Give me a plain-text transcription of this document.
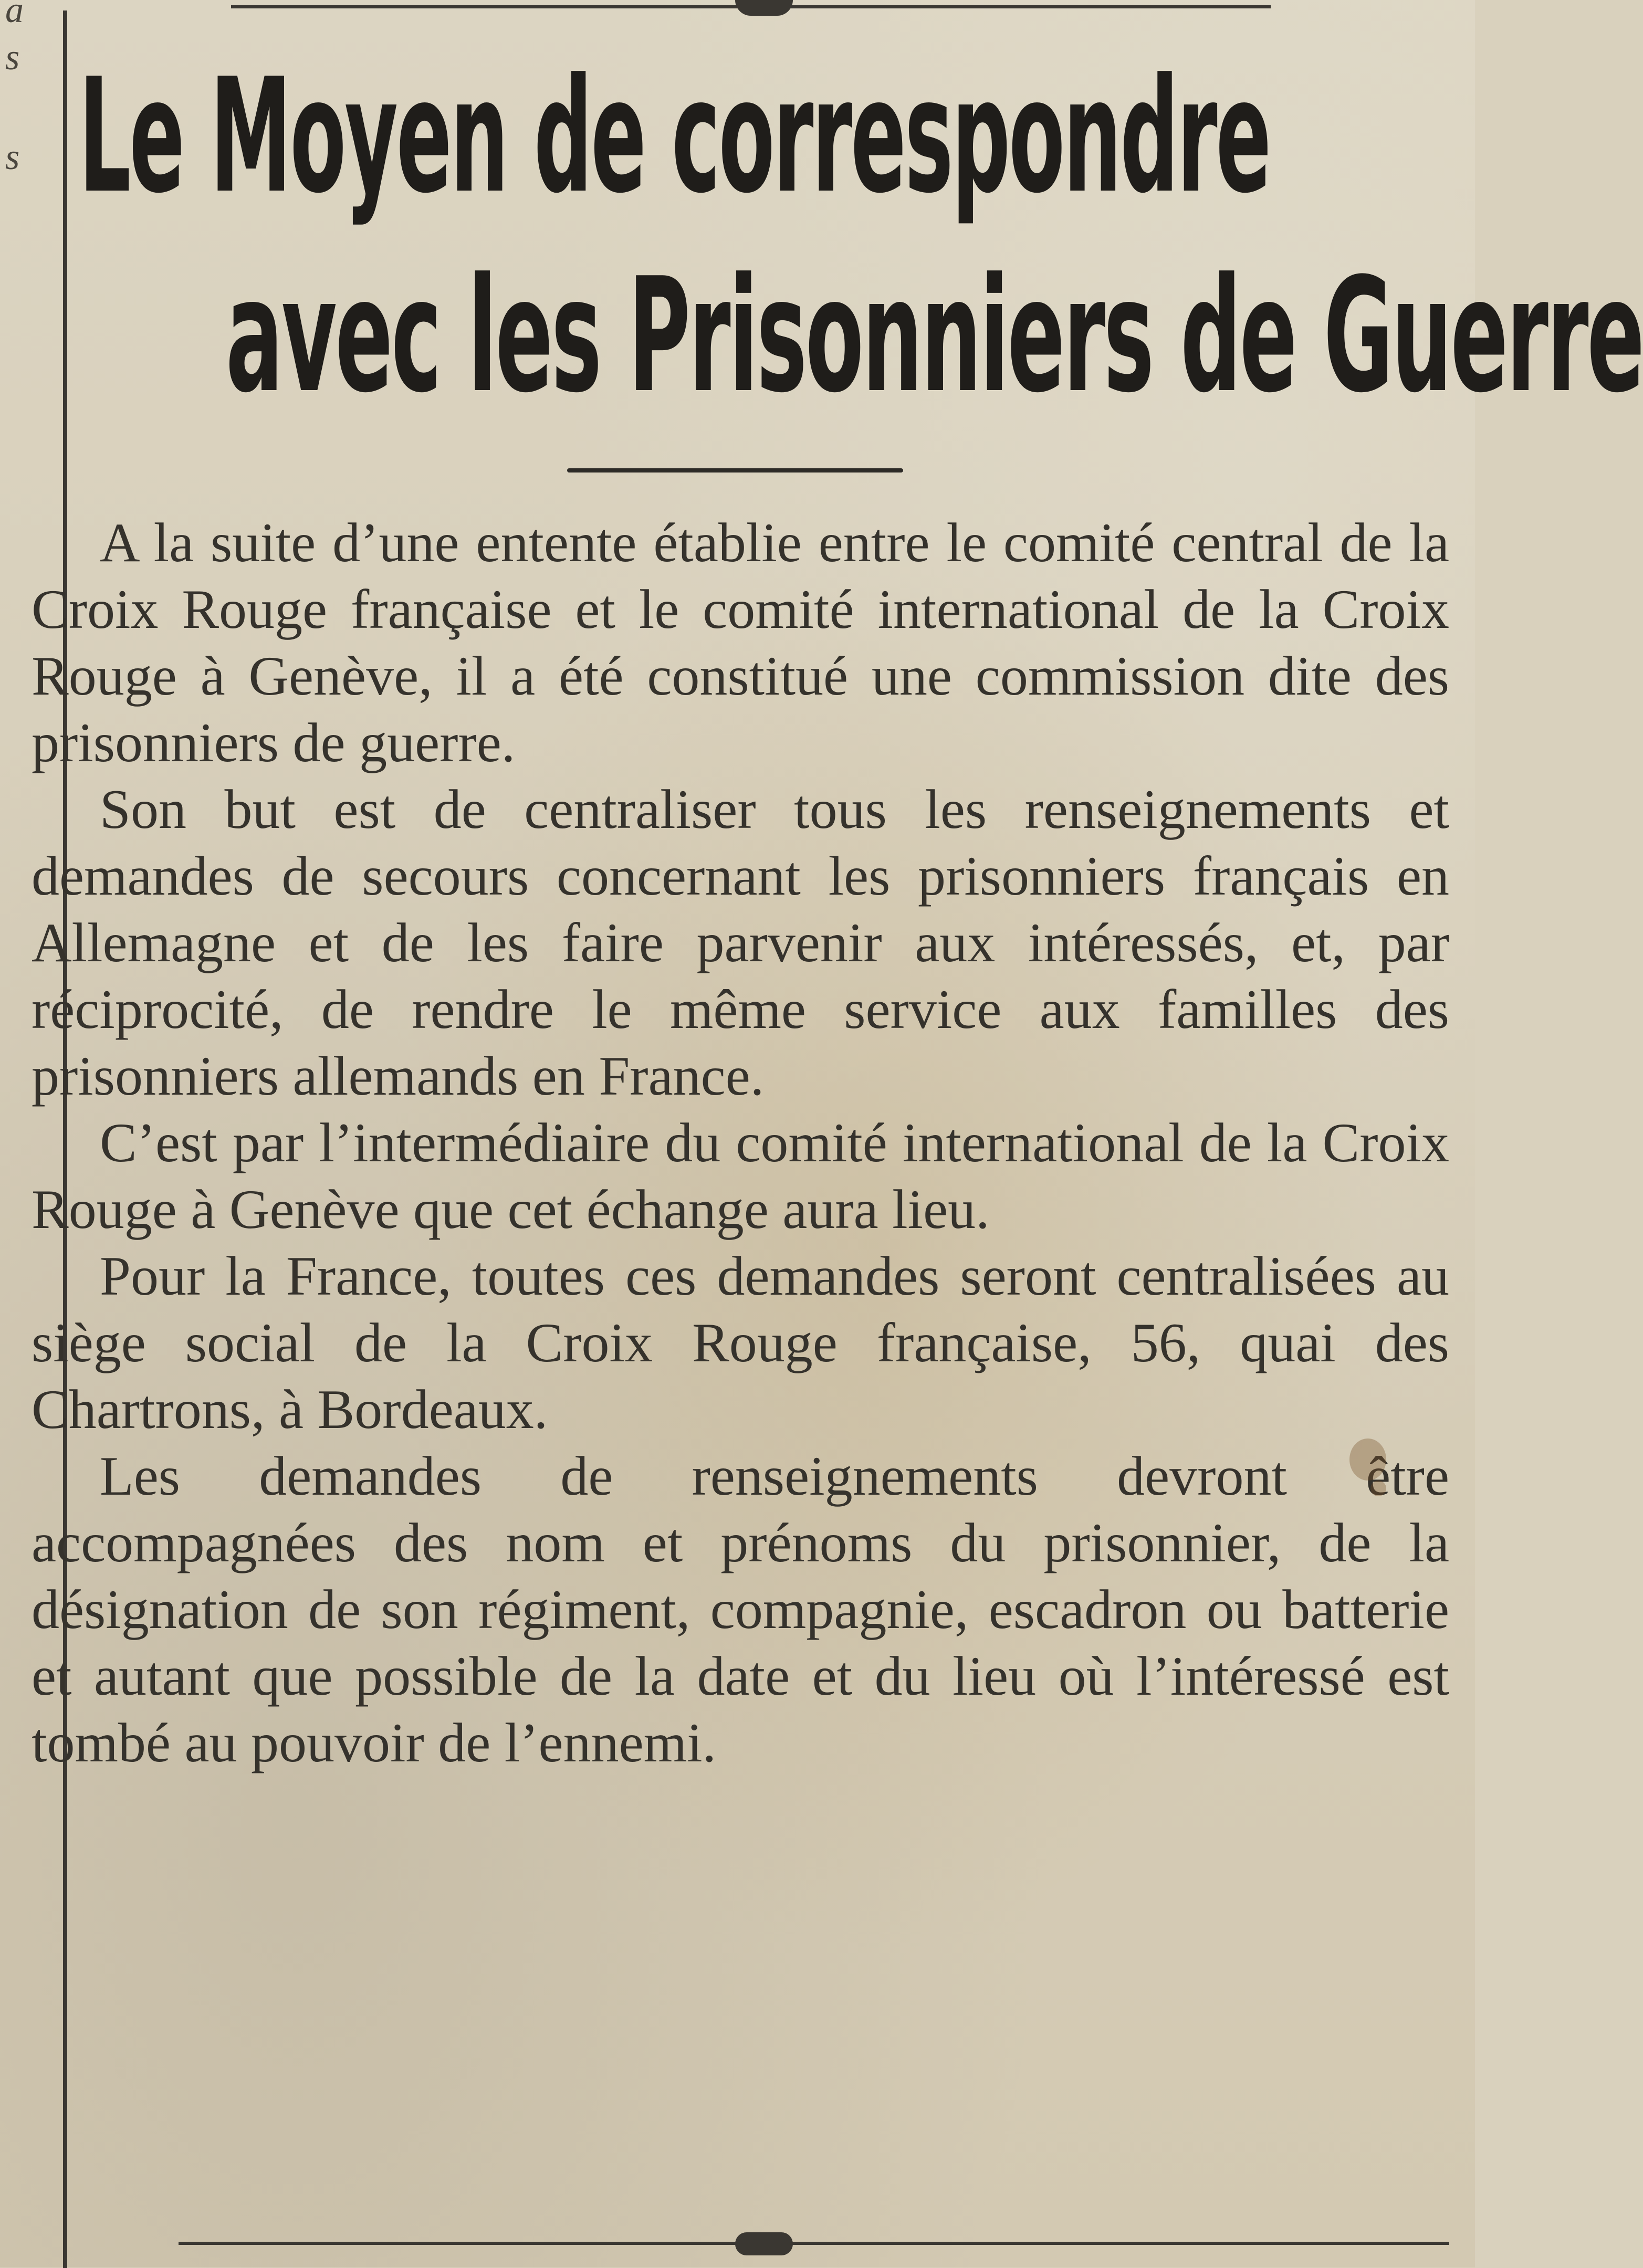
a
s
s Le Moyen de correspondre
avec les Prisonniers de Guerre

A la suite d’une entente établie entre le comité central de la Croix Rouge française et le comité international de la Croix Rouge à Genève, il a été constitué une commission dite des prisonniers de guerre.

Son but est de centraliser tous les renseignements et demandes de secours concernant les prisonniers français en Allemagne et de les faire parvenir aux intéressés, et, par réciprocité, de rendre le même service aux familles des prisonniers allemands en France.

C’est par l’intermédiaire du comité international de la Croix Rouge à Genève que cet échange aura lieu.

Pour la France, toutes ces demandes seront centralisées au siège social de la Croix Rouge française, 56, quai des Chartrons, à Bordeaux.

Les demandes de renseignements devront être accompagnées des nom et prénoms du prisonnier, de la désignation de son régiment, compagnie, escadron ou batterie et autant que possible de la date et du lieu où l’intéressé est tombé au pouvoir de l’ennemi.
